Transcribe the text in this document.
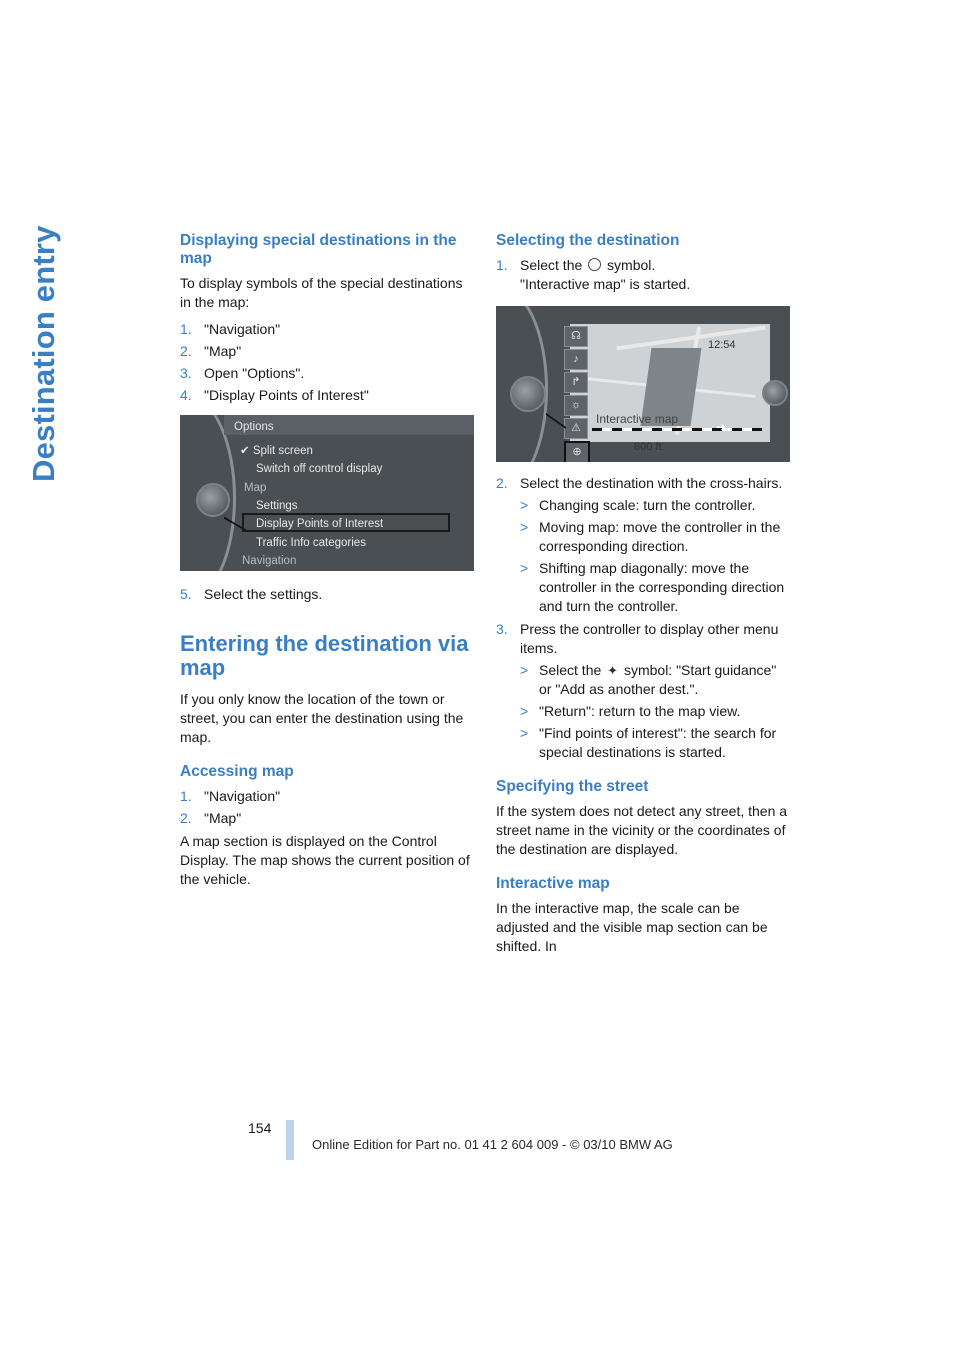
Destination entry	Displaying special destinations in the map

To display symbols of the special destinations in the map:

1. "Navigation"
2. "Map"
3. Open "Options".
4. "Display Points of Interest"
Options
✔ Split screen
Switch off control display
Map
Settings
Display Points of Interest
Traffic Info categories
Navigation
5. Select the settings.
Entering the destination via map

If you only know the location of the town or street, you can enter the destination using the map.

Accessing map
1. "Navigation"
2. "Map"

A map section is displayed on the Control Display. The map shows the current position of the vehicle.

Selecting the destination
1. Select the symbol.
"Interactive map" is started.
12:54
☊
♪
↱
☼
⚠
⊕
Interactive map
800 ft.
➔
2. Select the destination with the cross-hairs.
> Changing scale: turn the controller.
> Moving map: move the controller in the corresponding direction.
> Shifting map diagonally: move the controller in the corresponding direction and turn the controller.
3. Press the controller to display other menu items.
> Select the ✦ symbol: "Start guidance" or "Add as another dest.".
> "Return": return to the map view.
> "Find points of interest": the search for special destinations is started.
Specifying the street

If the system does not detect any street, then a street name in the vicinity or the coordinates of the destination are displayed.

Interactive map

In the interactive map, the scale can be adjusted and the visible map section can be shifted. In

154
Online Edition for Part no. 01 41 2 604 009 - © 03/10 BMW AG
